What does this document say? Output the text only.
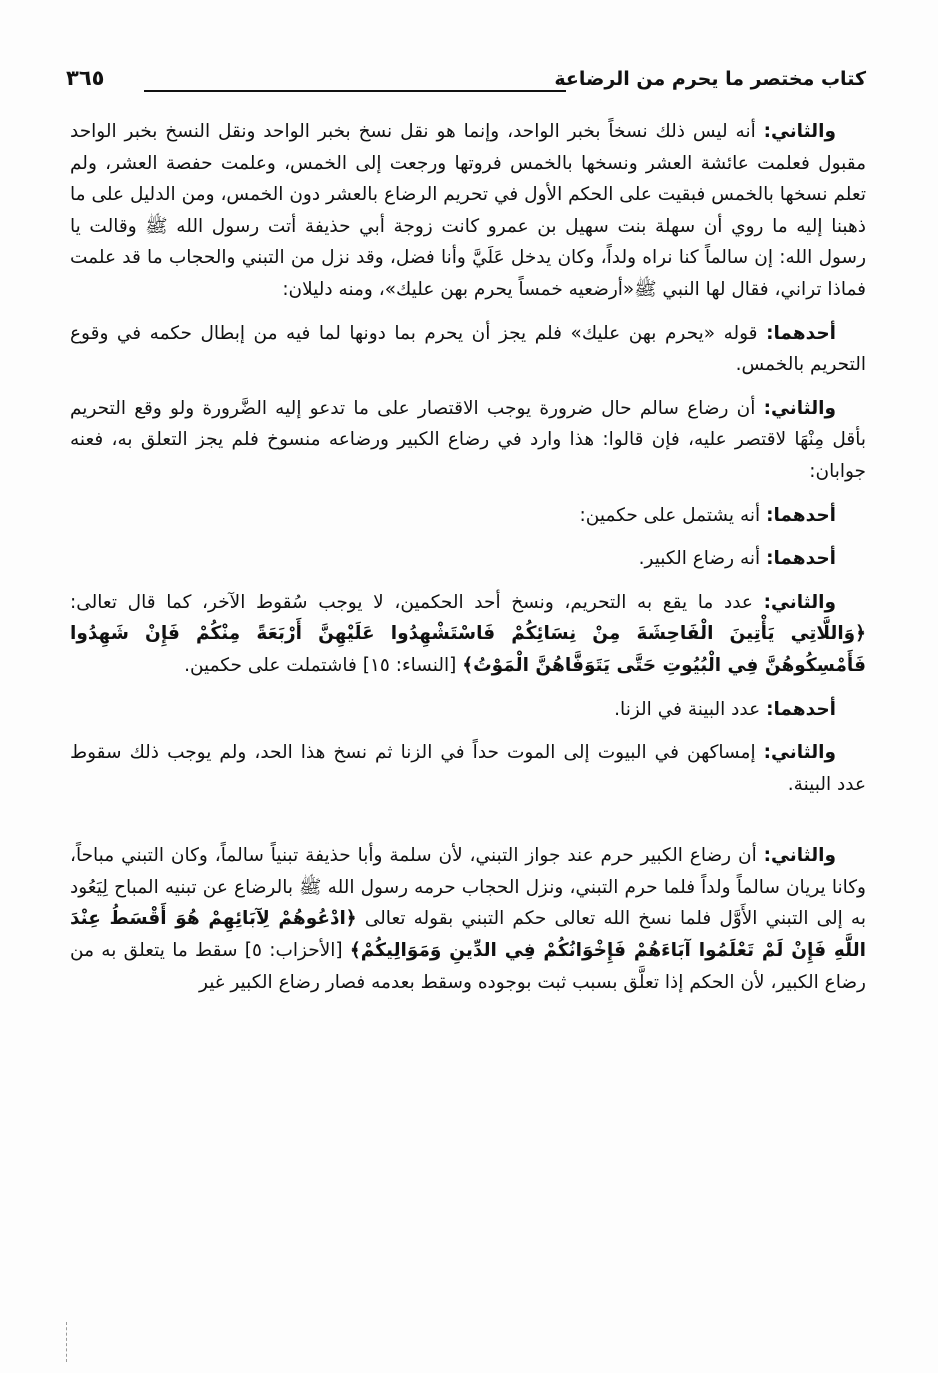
كتاب مختصر ما يحرم من الرضاعة
٣٦٥

والثاني: أنه ليس ذلك نسخاً بخبر الواحد، وإنما هو نقل نسخ بخبر الواحد ونقل النسخ بخبر الواحد مقبول فعلمت عائشة العشر ونسخها بالخمس فروتها ورجعت إلى الخمس، وعلمت حفصة العشر، ولم تعلم نسخها بالخمس فبقيت على الحكم الأول في تحريم الرضاع بالعشر دون الخمس، ومن الدليل على ما ذهبنا إليه ما روي أن سهلة بنت سهيل بن عمرو كانت زوجة أبي حذيفة أتت رسول الله ﷺ وقالت يا رسول الله: إن سالماً كنا نراه ولداً، وكان يدخل عَلَيَّ وأنا فضل، وقد نزل من التبني والحجاب ما قد علمت فماذا تراني، فقال لها النبي ﷺ«أرضعيه خمساً يحرم بهن عليك»، ومنه دليلان:

أحدهما: قوله «يحرم بهن عليك» فلم يجز أن يحرم بما دونها لما فيه من إبطال حكمه في وقوع التحريم بالخمس.

والثاني: أن رضاع سالم حال ضرورة يوجب الاقتصار على ما تدعو إليه الضَّرورة ولو وقع التحريم بأقل مِنْهَا لاقتصر عليه، فإن قالوا: هذا وارد في رضاع الكبير ورضاعه منسوخ فلم يجز التعلق به، فعنه جوابان:

أحدهما: أنه يشتمل على حكمين:

أحدهما: أنه رضاع الكبير.

والثاني: عدد ما يقع به التحريم، ونسخ أحد الحكمين، لا يوجب سُقوط الآخر، كما قال تعالى: ﴿وَاللَّاتِي يَأْتِينَ الْفَاحِشَةَ مِنْ نِسَائِكُمْ فَاسْتَشْهِدُوا عَلَيْهِنَّ أَرْبَعَةً مِنْكُمْ فَإِنْ شَهِدُوا فَأَمْسِكُوهُنَّ فِي الْبُيُوتِ حَتَّى يَتَوَفَّاهُنَّ الْمَوْتُ﴾ [النساء: ١٥] فاشتملت على حكمين.

أحدهما: عدد البينة في الزنا.

والثاني: إمساكهن في البيوت إلى الموت حداً في الزنا ثم نسخ هذا الحد، ولم يوجب ذلك سقوط عدد البينة.

والثاني: أن رضاع الكبير حرم عند جواز التبني، لأن سلمة وأبا حذيفة تبنياً سالماً، وكان التبني مباحاً، وكانا يريان سالماً ولداً فلما حرم التبني، ونزل الحجاب حرمه رسول الله ﷺ بالرضاع عن تبنيه المباح لِيَعُود به إلى التبني الأَوَّل فلما نسخ الله تعالى حكم التبني بقوله تعالى ﴿ادْعُوهُمْ لِآبَائِهِمْ هُوَ أَقْسَطُ عِنْدَ اللَّهِ فَإِنْ لَمْ تَعْلَمُوا آبَاءَهُمْ فَإِخْوَانُكُمْ فِي الدِّينِ وَمَوَالِيكُمْ﴾ [الأحزاب: ٥] سقط ما يتعلق به من رضاع الكبير، لأن الحكم إذا تعلَّق بسبب ثبت بوجوده وسقط بعدمه فصار رضاع الكبير غير
